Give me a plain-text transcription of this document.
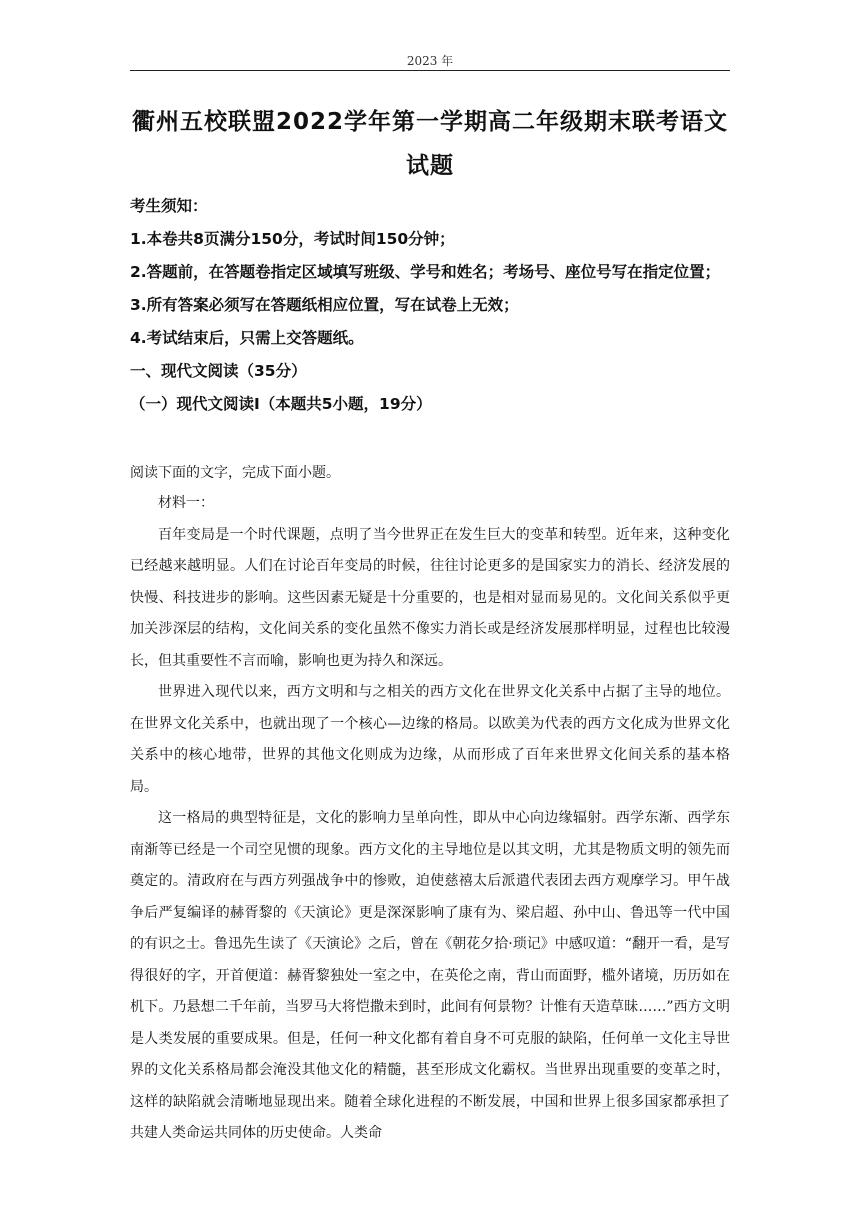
2023 年
衢州五校联盟2022学年第一学期高二年级期末联考语文试题

考生须知：

1.本卷共8页满分150分，考试时间150分钟；

2.答题前，在答题卷指定区域填写班级、学号和姓名；考场号、座位号写在指定位置；

3.所有答案必须写在答题纸相应位置，写在试卷上无效；

4.考试结束后，只需上交答题纸。

一、现代文阅读（35分）

（一）现代文阅读I（本题共5小题，19分）

阅读下面的文字，完成下面小题。

材料一：

百年变局是一个时代课题，点明了当今世界正在发生巨大的变革和转型。近年来，这种变化已经越来越明显。人们在讨论百年变局的时候，往往讨论更多的是国家实力的消长、经济发展的快慢、科技进步的影响。这些因素无疑是十分重要的，也是相对显而易见的。文化间关系似乎更加关涉深层的结构，文化间关系的变化虽然不像实力消长或是经济发展那样明显，过程也比较漫长，但其重要性不言而喻，影响也更为持久和深远。

世界进入现代以来，西方文明和与之相关的西方文化在世界文化关系中占据了主导的地位。在世界文化关系中，也就出现了一个核心—边缘的格局。以欧美为代表的西方文化成为世界文化关系中的核心地带，世界的其他文化则成为边缘，从而形成了百年来世界文化间关系的基本格局。

这一格局的典型特征是，文化的影响力呈单向性，即从中心向边缘辐射。西学东渐、西学东南渐等已经是一个司空见惯的现象。西方文化的主导地位是以其文明，尤其是物质文明的领先而奠定的。清政府在与西方列强战争中的惨败，迫使慈禧太后派遣代表团去西方观摩学习。甲午战争后严复编译的赫胥黎的《天演论》更是深深影响了康有为、梁启超、孙中山、鲁迅等一代中国的有识之士。鲁迅先生读了《天演论》之后，曾在《朝花夕拾·琐记》中感叹道：“翻开一看，是写得很好的字，开首便道：赫胥黎独处一室之中，在英伦之南，背山而面野，槛外诸境，历历如在机下。乃悬想二千年前，当罗马大将恺撒未到时，此间有何景物？计惟有天造草昧……”西方文明是人类发展的重要成果。但是，任何一种文化都有着自身不可克服的缺陷，任何单一文化主导世界的文化关系格局都会淹没其他文化的精髓，甚至形成文化霸权。当世界出现重要的变革之时，这样的缺陷就会清晰地显现出来。随着全球化进程的不断发展，中国和世界上很多国家都承担了共建人类命运共同体的历史使命。人类命
